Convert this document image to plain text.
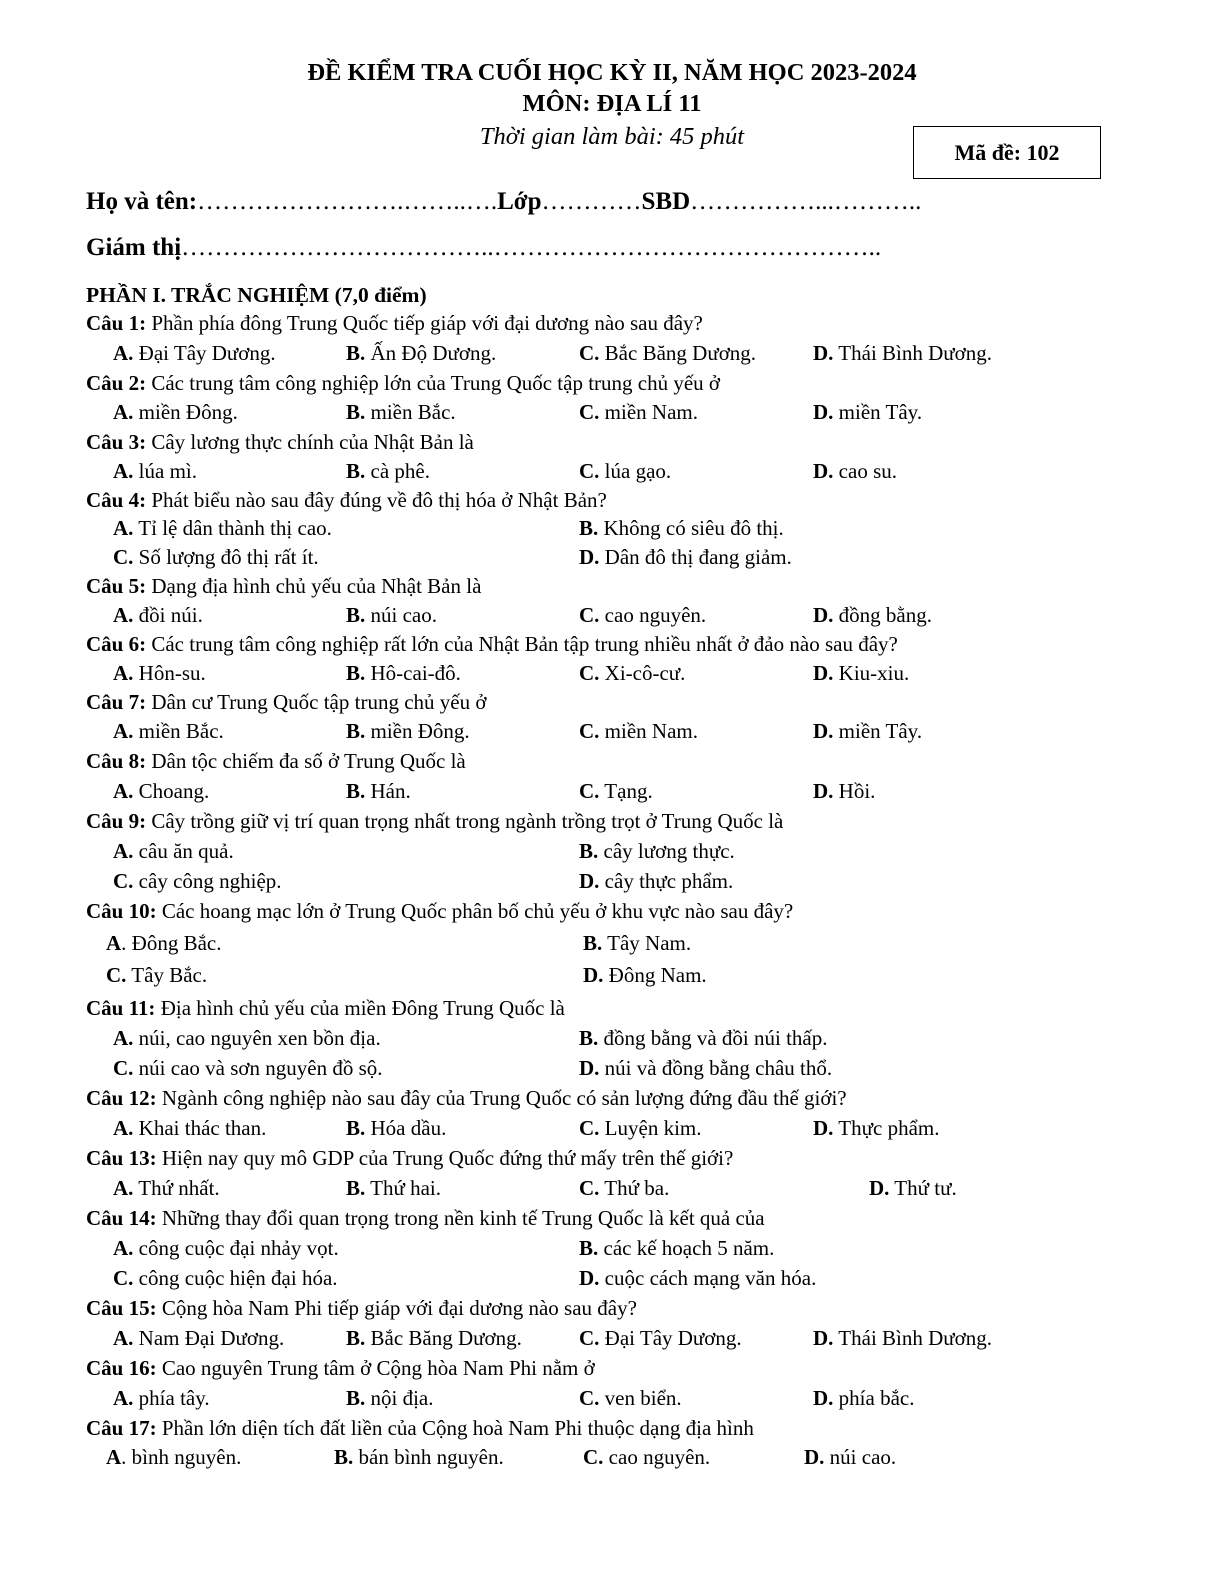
ĐỀ KIỂM TRA CUỐI HỌC KỲ II, NĂM HỌC 2023-2024
MÔN: ĐỊA LÍ 11
Thời gian làm bài: 45 phút
Mã đề: 102
Họ và tên:…………………….……..….Lớp…………SBD……………...………..
Giám thị………………………………..………………………………………..
PHẦN I. TRẮC NGHIỆM (7,0 điểm)
Câu 1: Phần phía đông Trung Quốc tiếp giáp với đại dương nào sau đây?
A. Đại Tây Dương.	B. Ấn Độ Dương.	C. Bắc Băng Dương.	D. Thái Bình Dương.
Câu 2: Các trung tâm công nghiệp lớn của Trung Quốc tập trung chủ yếu ở
A. miền Đông.	B. miền Bắc.	C. miền Nam.	D. miền Tây.
Câu 3: Cây lương thực chính của Nhật Bản là
A. lúa mì.	B. cà phê.	C. lúa gạo.	D. cao su.
Câu 4: Phát biểu nào sau đây đúng về đô thị hóa ở Nhật Bản?
A. Tỉ lệ dân thành thị cao.	B. Không có siêu đô thị.
C. Số lượng đô thị rất ít.	D. Dân đô thị đang giảm.
Câu 5: Dạng địa hình chủ yếu của Nhật Bản là
A. đồi núi.	B. núi cao.	C. cao nguyên.	D. đồng bằng.
Câu 6: Các trung tâm công nghiệp rất lớn của Nhật Bản tập trung nhiều nhất ở đảo nào sau đây?
A. Hôn-su.	B. Hô-cai-đô.	C. Xi-cô-cư.	D. Kiu-xiu.
Câu 7: Dân cư Trung Quốc tập trung chủ yếu ở
A. miền Bắc.	B. miền Đông.	C. miền Nam.	D. miền Tây.
Câu 8: Dân tộc chiếm đa số ở Trung Quốc là
A. Choang.	B. Hán.	C. Tạng.	D. Hồi.
Câu 9: Cây trồng giữ vị trí quan trọng nhất trong ngành trồng trọt ở Trung Quốc là
A. câu ăn quả.	B. cây lương thực.
C. cây công nghiệp.	D. cây thực phẩm.
Câu 10: Các hoang mạc lớn ở Trung Quốc phân bố chủ yếu ở khu vực nào sau đây?
A. Đông Bắc.	B. Tây Nam.
C. Tây Bắc.	D. Đông Nam.
Câu 11: Địa hình chủ yếu của miền Đông Trung Quốc là
A. núi, cao nguyên xen bồn địa.	B. đồng bằng và đồi núi thấp.
C. núi cao và sơn nguyên đồ sộ.	D. núi và đồng bằng châu thổ.
Câu 12: Ngành công nghiệp nào sau đây của Trung Quốc có sản lượng đứng đầu thế giới?
A. Khai thác than.	B. Hóa dầu.	C. Luyện kim.	D. Thực phẩm.
Câu 13: Hiện nay quy mô GDP của Trung Quốc đứng thứ mấy trên thế giới?
A. Thứ nhất.	B. Thứ hai.	C. Thứ ba.	D. Thứ tư.
Câu 14: Những thay đổi quan trọng trong nền kinh tế Trung Quốc là kết quả của
A. công cuộc đại nhảy vọt.	B. các kế hoạch 5 năm.
C. công cuộc hiện đại hóa.	D. cuộc cách mạng văn hóa.
Câu 15: Cộng hòa Nam Phi tiếp giáp với đại dương nào sau đây?
A. Nam Đại Dương.	B. Bắc Băng Dương.	C. Đại Tây Dương.	D. Thái Bình Dương.
Câu 16: Cao nguyên Trung tâm ở Cộng hòa Nam Phi nằm ở
A. phía tây.	B. nội địa.	C. ven biển.	D. phía bắc.
Câu 17: Phần lớn diện tích đất liền của Cộng hoà Nam Phi thuộc dạng địa hình
A. bình nguyên.	B. bán bình nguyên.	C. cao nguyên.	D. núi cao.
